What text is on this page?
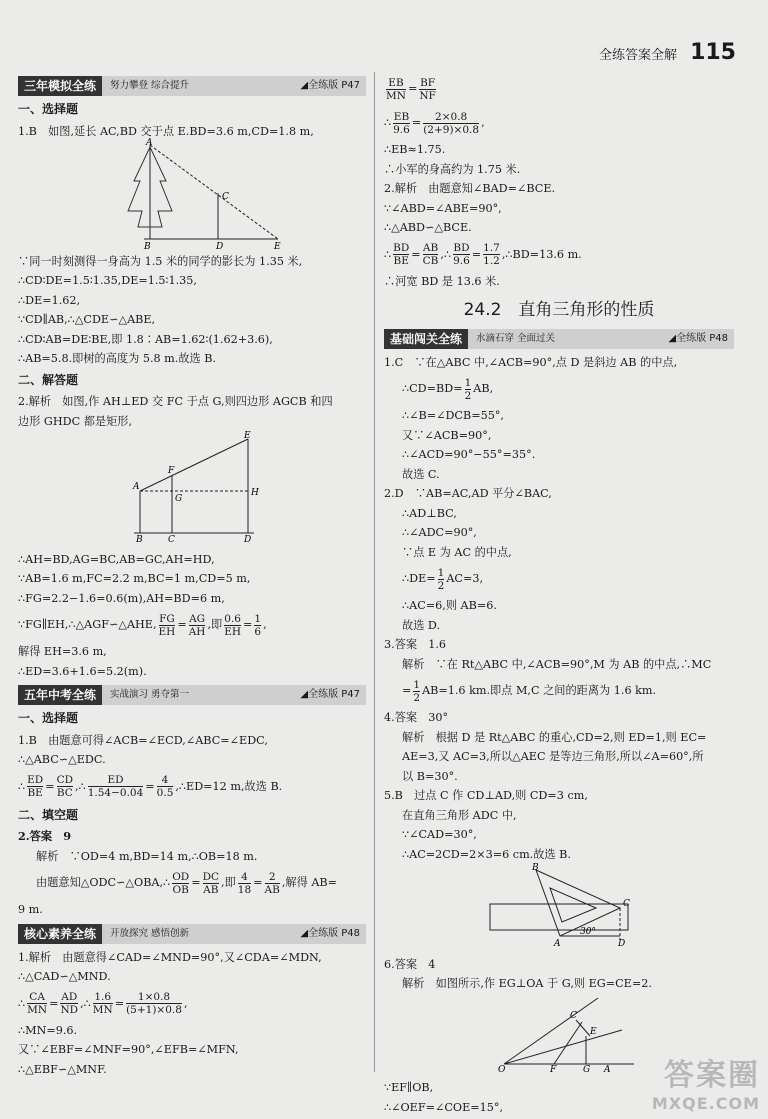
全练答案全解 115
三年模拟全练	努力攀登 综合提升	◢全练版 P47
一、选择题

1.B　如图,延长 AC,BD 交于点 E.BD=3.6 m,CD=1.8 m,

A
B
C
D	E

∵同一时刻测得一身高为 1.5 米的同学的影长为 1.35 米,

∴CD∶DE=1.5∶1.35,DE=1.5∶1.35,

∴DE=1.62,

∵CD∥AB,∴△CDE∽△ABE,

∴CD∶AB=DE∶BE,即 1.8∶AB=1.62∶(1.62+3.6),

∴AB=5.8.即树的高度为 5.8 m.故选 B.

二、解答题

2.解析　如图,作 AH⊥ED 交 FC 于点 G,则四边形 AGCB 和四

边形 GHDC 都是矩形,

A
B	C	D
E
F
G
H

∴AH=BD,AG=BC,AB=GC,AH=HD,

∵AB=1.6 m,FC=2.2 m,BC=1 m,CD=5 m,

∴FG=2.2−1.6=0.6(m),AH=BD=6 m,

∵FG∥EH,∴△AGF∽△AHE, $\frac{FG}{EH} = \frac{AG}{AH}$ ,即 $\frac{0.6}{EH} = \frac{1}{6}$ ,

解得 EH=3.6 m,

∴ED=3.6+1.6=5.2(m).

五年中考全练	实战演习 勇夺第一	◢全练版 P47
一、选择题

1.B　由题意可得∠ACB=∠ECD,∠ABC=∠EDC,

∴△ABC∽△EDC.

∴ $\frac{ED}{BE} = \frac{CD}{BC}$ ,∴ $\frac{ED}{1.54-0.04} = \frac{4}{0.5}$ ,∴ED=12 m,故选 B.
二、填空题

2.答案　9

解析　∵OD=4 m,BD=14 m,∴OB=18 m.

由题意知△ODC∽△OBA,∴ $\frac{OD}{OB} = \frac{DC}{AB}$ ,即 $\frac{4}{18} = \frac{2}{AB}$ ,解得 AB=

9 m.

核心素养全练	开放探究 感悟创新	◢全练版 P48

1.解析　由题意得∠CAD=∠MND=90°,又∠CDA=∠MDN,

∴△CAD∽△MND.

∴ $\frac{CA}{MN} = \frac{AD}{ND}$ ,∴ $\frac{1.6}{MN} = \frac{1\times 0.8}{(5+1)\times 0.8}$ ,

∴MN=9.6.

又∵∠EBF=∠MNF=90°,∠EFB=∠MFN,

∴△EBF∽△MNF.

$\frac{EB}{MN} = \frac{BF}{NF}$
∴ $\frac{EB}{9.6} = \frac{2\times 0.8}{(2+9)\times 0.8}$ ,

∴EB≈1.75.

∴小军的身高约为 1.75 米.

2.解析　由题意知∠BAD=∠BCE.

∵∠ABD=∠ABE=90°,

∴△ABD∽△BCE.

∴ $\frac{BD}{BE} = \frac{AB}{CB}$ ,∴ $\frac{BD}{9.6} = \frac{1.7}{1.2}$ ,∴BD=13.6 m.

∴河宽 BD 是 13.6 米.

24.2　直角三角形的性质
基础闯关全练	水滴石穿 全面过关	◢全练版 P48

1.C　∵在△ABC 中,∠ACB=90°,点 D 是斜边 AB 的中点,

∴CD=BD= $\frac{1}{2}$ AB,

∴∠B=∠DCB=55°,

又∵∠ACB=90°,

∴∠ACD=90°−55°=35°.

故选 C.

2.D　∵AB=AC,AD 平分∠BAC,

∴AD⊥BC,

∴∠ADC=90°,

∵点 E 为 AC 的中点,

∴DE= $\frac{1}{2} AC=3$,

∴AC=6,则 AB=6.

故选 D.

3.答案　1.6

解析　∵在 Rt△ABC 中,∠ACB=90°,M 为 AB 的中点,∴MC

= $\frac{1}{2} AB=1.6$ km.即点 M,C 之间的距离为 1.6 km.

4.答案　30°

解析　根据 D 是 Rt△ABC 的重心,CD=2,则 ED=1,则 EC=

AE=3,又 AC=3,所以△AEC 是等边三角形,所以∠A=60°,所

以 B=30°.

5.B　过点 C 作 CD⊥AD,则 CD=3 cm,

在直角三角形 ADC 中,

∵∠CAD=30°,

∴AC=2CD=2×3=6 cm.故选 B.

B
C
A	D
30°

6.答案　4

解析　如图所示,作 EG⊥OA 于 G,则 EG=CE=2.

O	F	G A
C
E

∵EF∥OB,

∴∠OEF=∠COE=15°,

答案圈
MXQE.COM
